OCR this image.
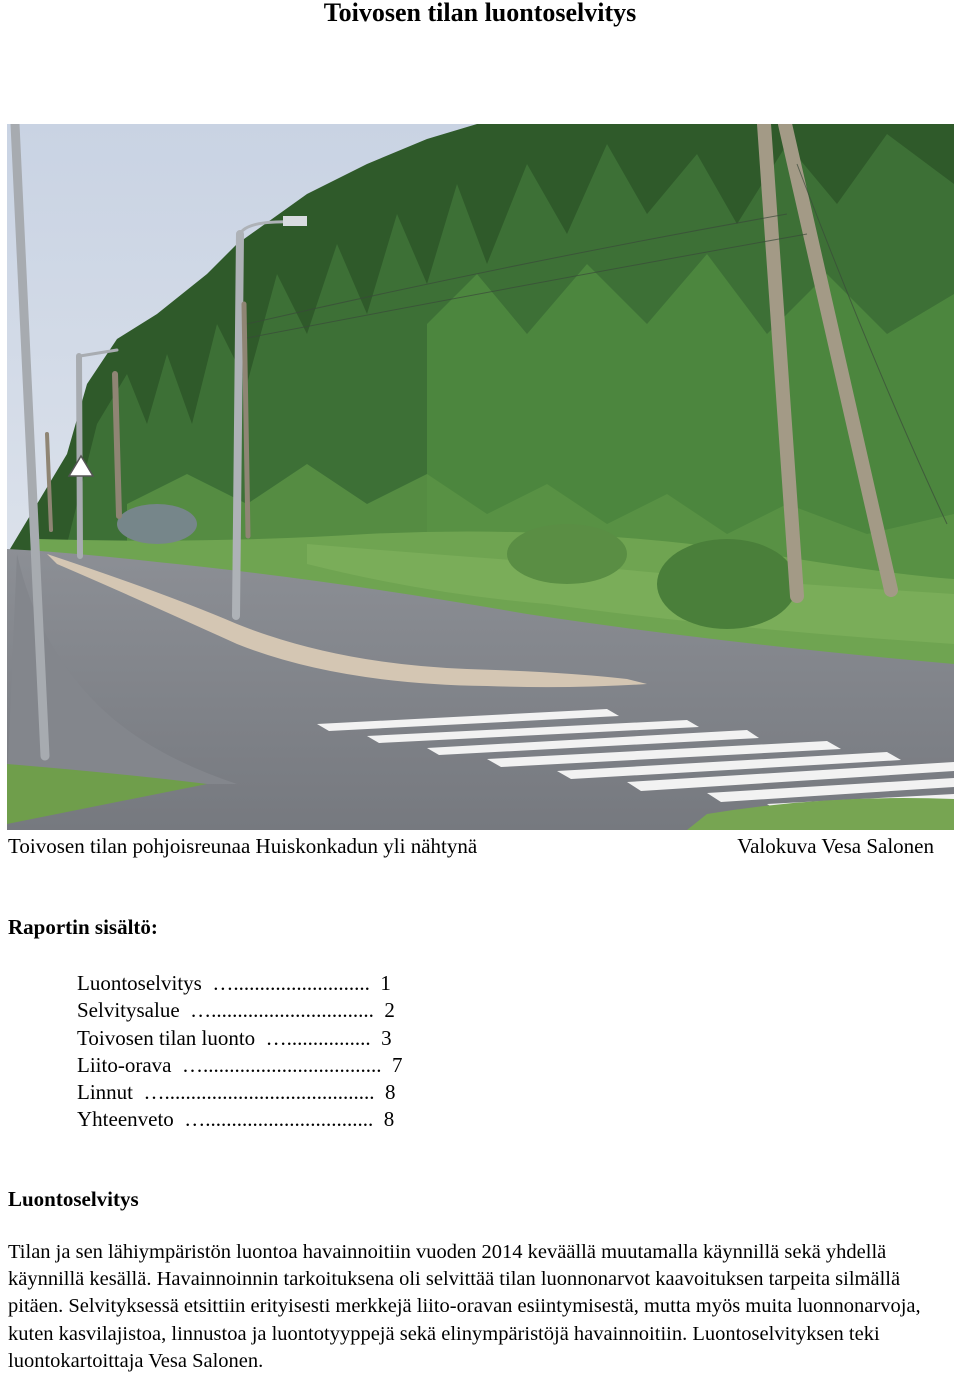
Toivosen tilan luontoselvitys
Toivosen tilan pohjoisreunaa Huiskonkadun yli nähtynä	Valokuva Vesa Salonen
Raportin sisältö:
Luontoselvitys  …..........................  1
Selvitysalue  …...............................  2
Toivosen tilan luonto  …................  3
Liito-orava  …..................................  7
Linnut  …........................................  8
Yhteenveto  …................................  8
Luontoselvitys

Tilan ja sen lähiympäristön luontoa havainnoitiin vuoden 2014 keväällä muutamalla käynnillä sekä yhdellä käynnillä kesällä. Havainnoinnin tarkoituksena oli selvittää tilan luonnonarvot kaavoituksen tarpeita silmällä pitäen. Selvityksessä etsittiin erityisesti merkkejä liito-oravan esiintymisestä, mutta myös muita luonnonarvoja, kuten kasvilajistoa, linnustoa ja luontotyyppejä sekä elinympäristöjä havainnoitiin. Luontoselvityksen teki luontokartoittaja Vesa Salonen.
